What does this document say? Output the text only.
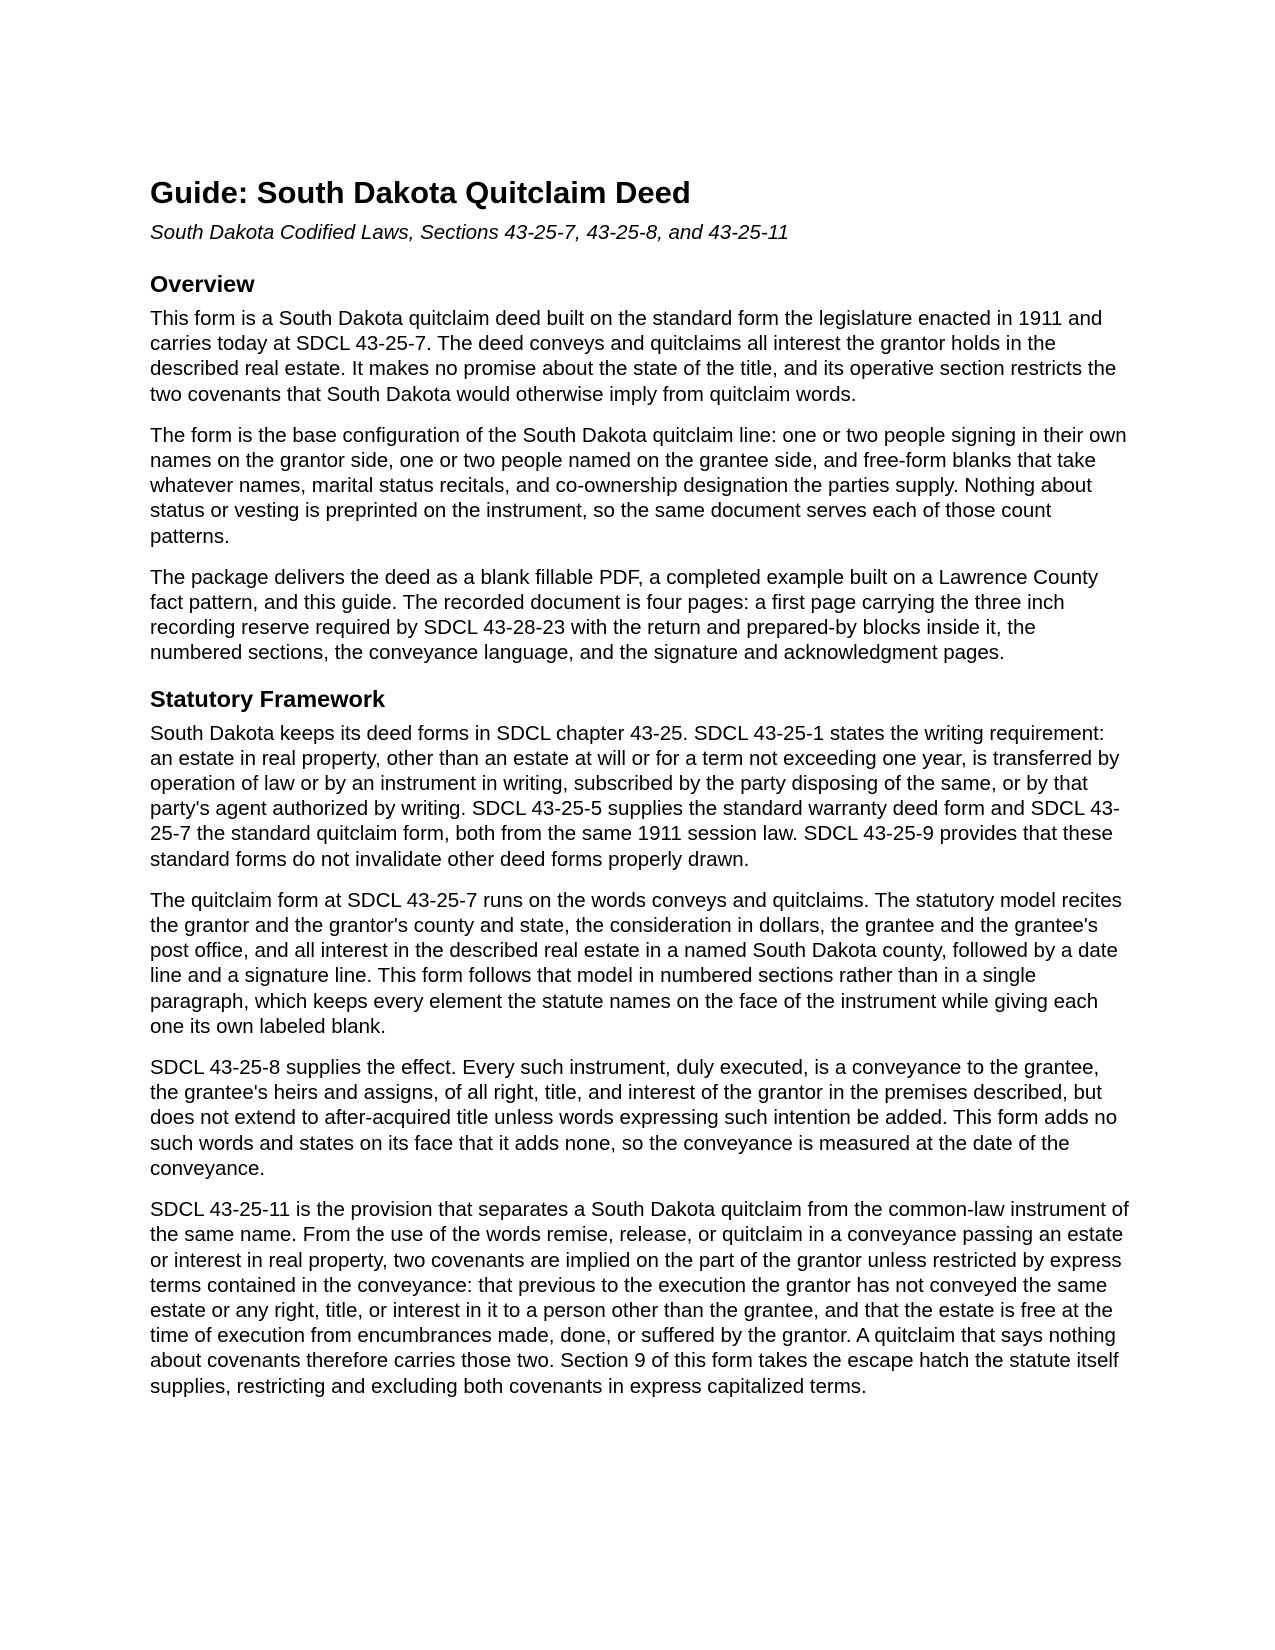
Guide: South Dakota Quitclaim Deed

South Dakota Codified Laws, Sections 43-25-7, 43-25-8, and 43-25-11

Overview

This form is a South Dakota quitclaim deed built on the standard form the legislature enacted in 1911 and carries today at SDCL 43-25-7. The deed conveys and quitclaims all interest the grantor holds in the described real estate. It makes no promise about the state of the title, and its operative section restricts the two covenants that South Dakota would otherwise imply from quitclaim words.

The form is the base configuration of the South Dakota quitclaim line: one or two people signing in their own names on the grantor side, one or two people named on the grantee side, and free-form blanks that take whatever names, marital status recitals, and co-ownership designation the parties supply. Nothing about status or vesting is preprinted on the instrument, so the same document serves each of those count patterns.

The package delivers the deed as a blank fillable PDF, a completed example built on a Lawrence County fact pattern, and this guide. The recorded document is four pages: a first page carrying the three inch recording reserve required by SDCL 43-28-23 with the return and prepared-by blocks inside it, the numbered sections, the conveyance language, and the signature and acknowledgment pages.

Statutory Framework

South Dakota keeps its deed forms in SDCL chapter 43-25. SDCL 43-25-1 states the writing requirement: an estate in real property, other than an estate at will or for a term not exceeding one year, is transferred by operation of law or by an instrument in writing, subscribed by the party disposing of the same, or by that party's agent authorized by writing. SDCL 43-25-5 supplies the standard warranty deed form and SDCL 43-25-7 the standard quitclaim form, both from the same 1911 session law. SDCL 43-25-9 provides that these standard forms do not invalidate other deed forms properly drawn.

The quitclaim form at SDCL 43-25-7 runs on the words conveys and quitclaims. The statutory model recites the grantor and the grantor's county and state, the consideration in dollars, the grantee and the grantee's post office, and all interest in the described real estate in a named South Dakota county, followed by a date line and a signature line. This form follows that model in numbered sections rather than in a single paragraph, which keeps every element the statute names on the face of the instrument while giving each one its own labeled blank.

SDCL 43-25-8 supplies the effect. Every such instrument, duly executed, is a conveyance to the grantee, the grantee's heirs and assigns, of all right, title, and interest of the grantor in the premises described, but does not extend to after-acquired title unless words expressing such intention be added. This form adds no such words and states on its face that it adds none, so the conveyance is measured at the date of the conveyance.

SDCL 43-25-11 is the provision that separates a South Dakota quitclaim from the common-law instrument of the same name. From the use of the words remise, release, or quitclaim in a conveyance passing an estate or interest in real property, two covenants are implied on the part of the grantor unless restricted by express terms contained in the conveyance: that previous to the execution the grantor has not conveyed the same estate or any right, title, or interest in it to a person other than the grantee, and that the estate is free at the time of execution from encumbrances made, done, or suffered by the grantor. A quitclaim that says nothing about covenants therefore carries those two. Section 9 of this form takes the escape hatch the statute itself supplies, restricting and excluding both covenants in express capitalized terms.
